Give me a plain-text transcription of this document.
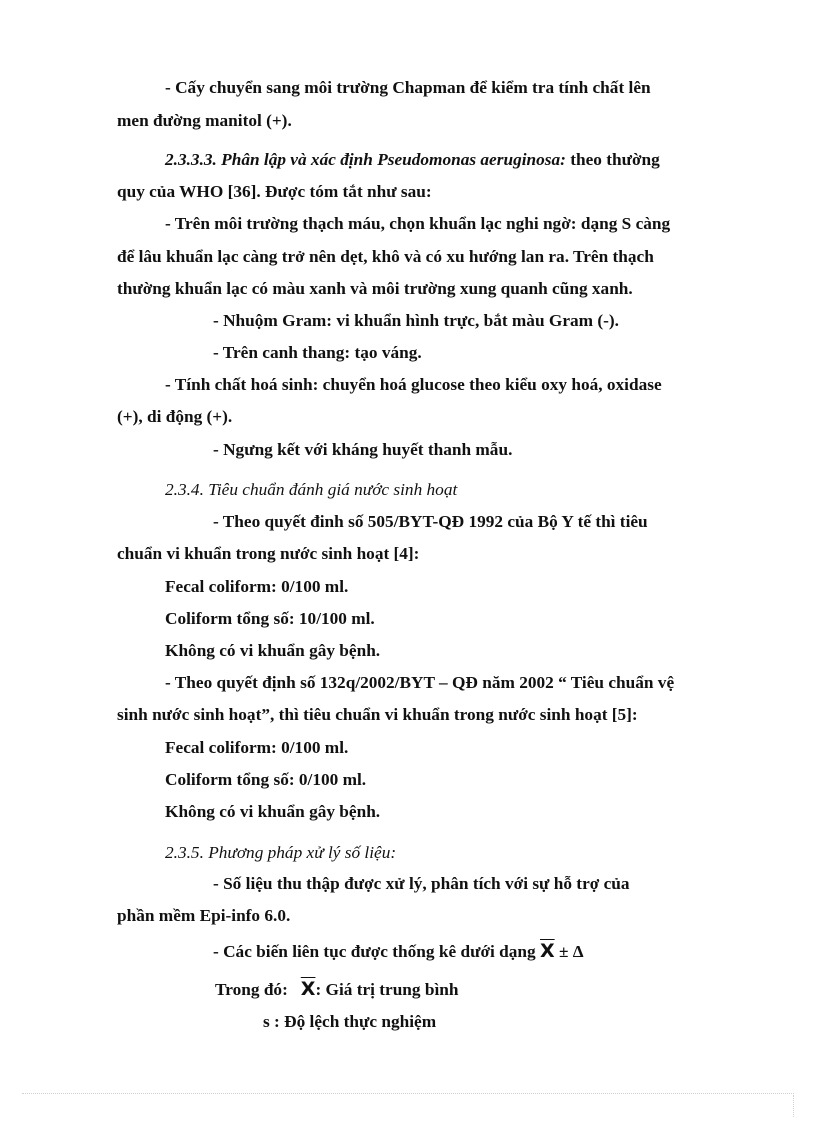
- Cấy chuyển sang môi trường Chapman để kiểm tra tính chất lên
men đường manitol (+).
2.3.3.3. Phân lập và xác định Pseudomonas aeruginosa: theo thường
quy của WHO [36]. Được tóm tắt như sau:
- Trên môi trường thạch máu, chọn khuẩn lạc nghi ngờ: dạng S càng
để lâu khuẩn lạc càng trở nên dẹt, khô và có xu hướng lan ra. Trên thạch
thường khuẩn lạc có màu xanh và môi trường xung quanh cũng xanh.
- Nhuộm Gram: vi khuẩn hình trực, bắt màu Gram (-).
- Trên canh thang: tạo váng.
- Tính chất hoá sinh: chuyển hoá glucose theo kiểu oxy hoá, oxidase
(+), di động (+).
- Ngưng kết với kháng huyết thanh mẫu.
2.3.4. Tiêu chuẩn đánh giá nước sinh hoạt
- Theo quyết đinh số 505/BYT-QĐ 1992 của Bộ Y tế thì tiêu
chuẩn vi khuẩn trong nước sinh hoạt [4]:
Fecal coliform: 0/100 ml.
Coliform tổng số: 10/100 ml.
Không có vi khuẩn gây bệnh.
- Theo quyết định số 132q/2002/BYT – QĐ năm 2002 “ Tiêu chuẩn vệ
sinh nước sinh hoạt”, thì tiêu chuẩn vi khuẩn trong nước sinh hoạt [5]:
Fecal coliform: 0/100 ml.
Coliform tổng số: 0/100 ml.
Không có vi khuẩn gây bệnh.
2.3.5. Phương pháp xử lý số liệu:
- Số liệu thu thập được xử lý, phân tích với sự hỗ trợ của
phần mềm Epi-info 6.0.
- Các biến liên tục được thống kê dưới dạng $\overline{X} \pm \Delta$
Trong đó:   $\overline{X}$: Giá trị trung bình
s : Độ lệch thực nghiệm
